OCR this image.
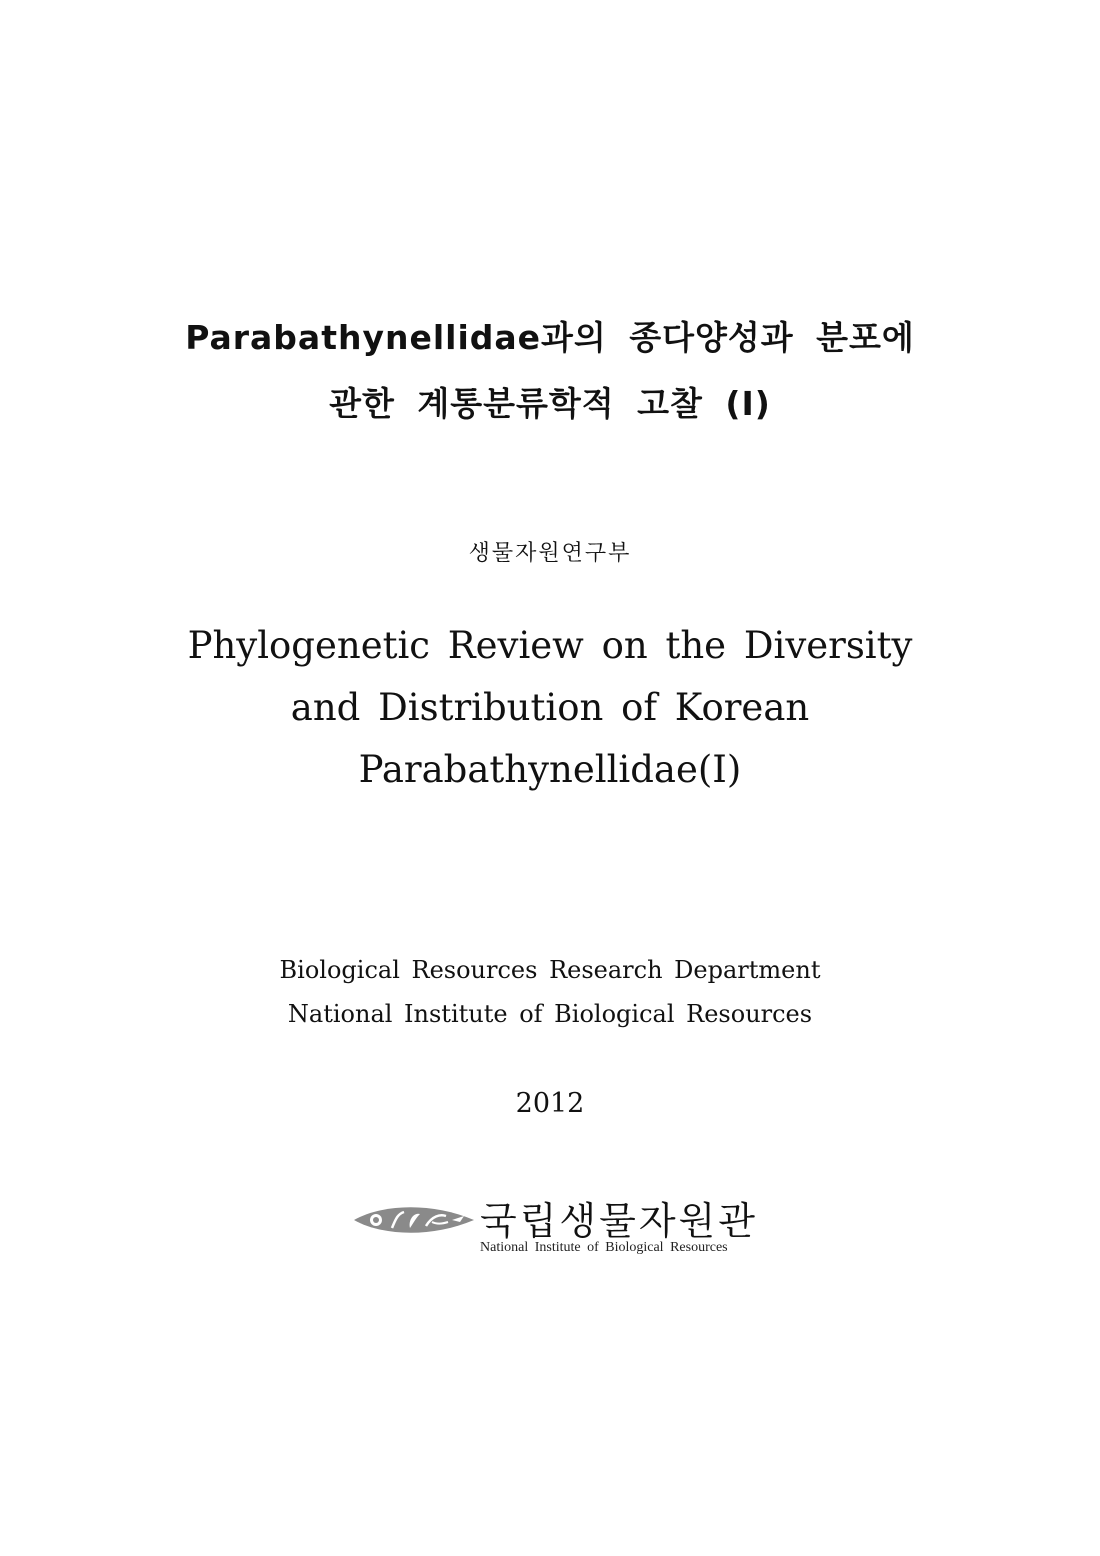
Parabathynellidae과의 종다양성과 분포에
관한 계통분류학적 고찰 (I)
생물자원연구부
Phylogenetic Review on the Diversity
and Distribution of Korean
Parabathynellidae(I)
Biological Resources Research Department
National Institute of Biological Resources
2012
국립생물자원관
National Institute of Biological Resources
